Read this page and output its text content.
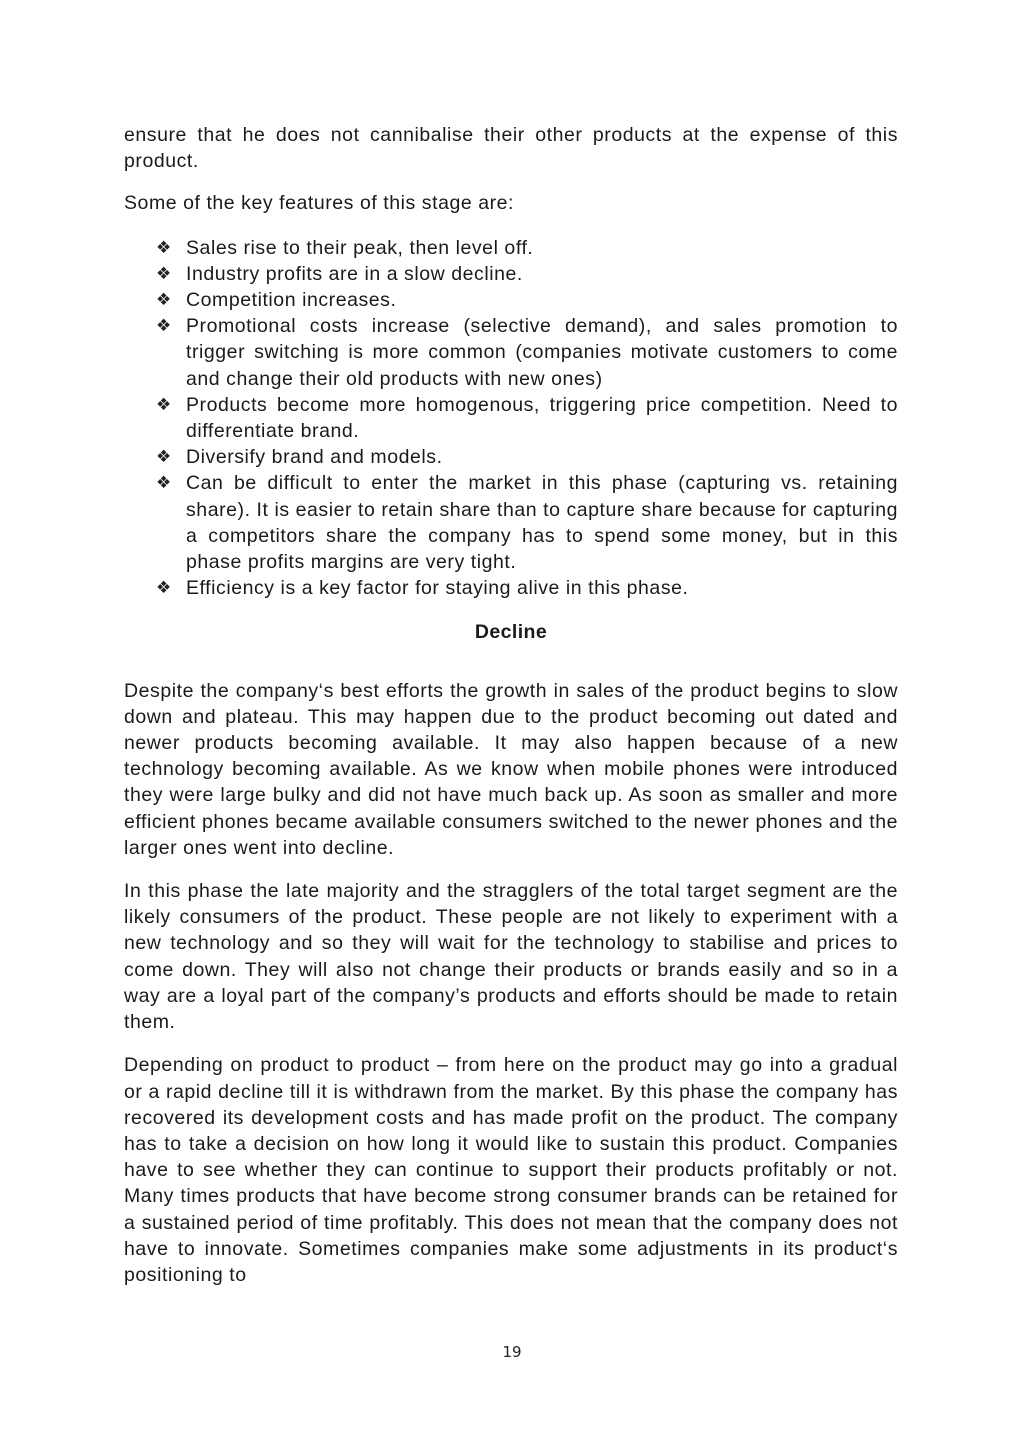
ensure that he does not cannibalise their other products at the expense of this product.

Some of the key features of this stage are:

❖ Sales rise to their peak, then level off.
❖ Industry profits are in a slow decline.
❖ Competition increases.
❖ Promotional costs increase (selective demand), and sales promotion to trigger switching is more common (companies motivate customers to come and change their old products with new ones)
❖ Products become more homogenous, triggering price competition. Need to differentiate brand.
❖ Diversify brand and models.
❖ Can be difficult to enter the market in this phase (capturing vs. retaining share). It is easier to retain share than to capture share because for capturing a competitors share the company has to spend some money, but in this phase profits margins are very tight.
❖ Efficiency is a key factor for staying alive in this phase.
Decline

Despite the company‘s best efforts the growth in sales of the product begins to slow down and plateau. This may happen due to the product becoming out dated and newer products becoming available. It may also happen because of a new technology becoming available. As we know when mobile phones were introduced they were large bulky and did not have much back up. As soon as smaller and more efficient phones became available consumers switched to the newer phones and the larger ones went into decline.

In this phase the late majority and the stragglers of the total target segment are the likely consumers of the product. These people are not likely to experiment with a new technology and so they will wait for the technology to stabilise and prices to come down. They will also not change their products or brands easily and so in a way are a loyal part of the company’s products and efforts should be made to retain them.

Depending on product to product – from here on the product may go into a gradual or a rapid decline till it is withdrawn from the market. By this phase the company has recovered its development costs and has made profit on the product. The company has to take a decision on how long it would like to sustain this product. Companies have to see whether they can continue to support their products profitably or not. Many times products that have become strong consumer brands can be retained for a sustained period of time profitably. This does not mean that the company does not have to innovate. Sometimes companies make some adjustments in its product‘s positioning to

19
